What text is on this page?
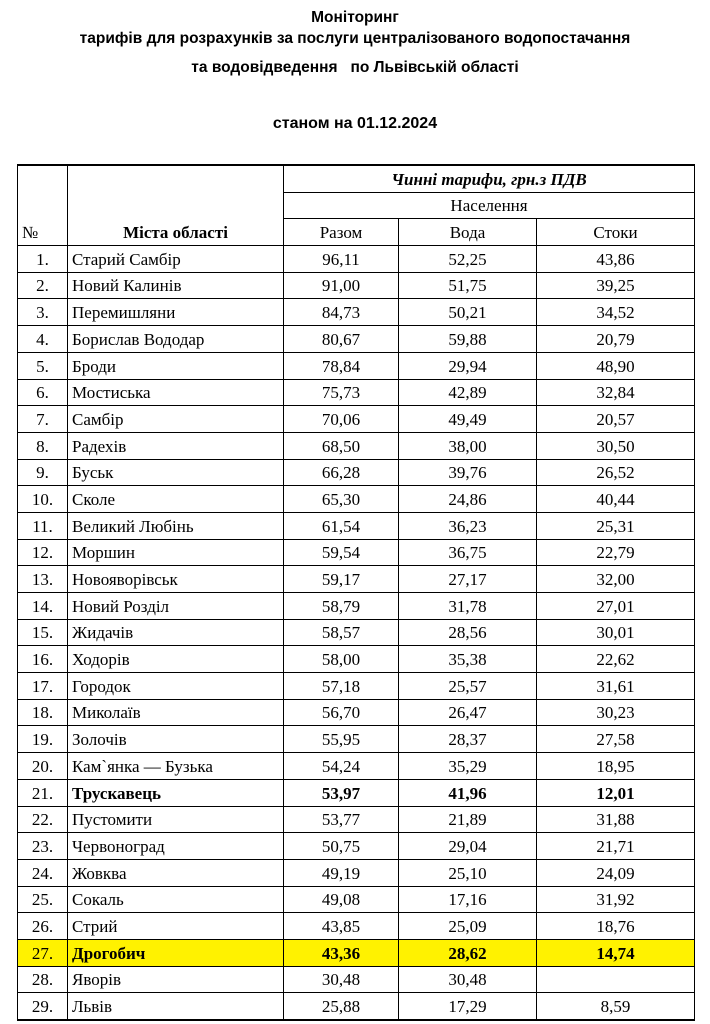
Моніторинг
тарифів для розрахунків за послуги централізованого водопостачання
та водовідведення   по Львівській області
станом на 01.12.2024
№	Міста області	Чинні тарифи, грн.з ПДВ		
		Населення		
		Разом	Вода	Стоки
1.	Старий Самбір	96,11	52,25	43,86
2.	Новий Калинів	91,00	51,75	39,25
3.	Перемишляни	84,73	50,21	34,52
4.	Борислав Вододар	80,67	59,88	20,79
5.	Броди	78,84	29,94	48,90
6.	Мостиська	75,73	42,89	32,84
7.	Самбір	70,06	49,49	20,57
8.	Радехів	68,50	38,00	30,50
9.	Буськ	66,28	39,76	26,52
10.	Сколе	65,30	24,86	40,44
11.	Великий Любінь	61,54	36,23	25,31
12.	Моршин	59,54	36,75	22,79
13.	Новояворівськ	59,17	27,17	32,00
14.	Новий Розділ	58,79	31,78	27,01
15.	Жидачів	58,57	28,56	30,01
16.	Ходорів	58,00	35,38	22,62
17.	Городок	57,18	25,57	31,61
18.	Миколаїв	56,70	26,47	30,23
19.	Золочів	55,95	28,37	27,58
20.	Кам`янка — Бузька	54,24	35,29	18,95
21.	Трускавець	53,97	41,96	12,01
22.	Пустомити	53,77	21,89	31,88
23.	Червоноград	50,75	29,04	21,71
24.	Жовква	49,19	25,10	24,09
25.	Сокаль	49,08	17,16	31,92
26.	Стрий	43,85	25,09	18,76
27.	Дрогобич	43,36	28,62	14,74
28.	Яворів	30,48	30,48	
29.	Львів	25,88	17,29	8,59
